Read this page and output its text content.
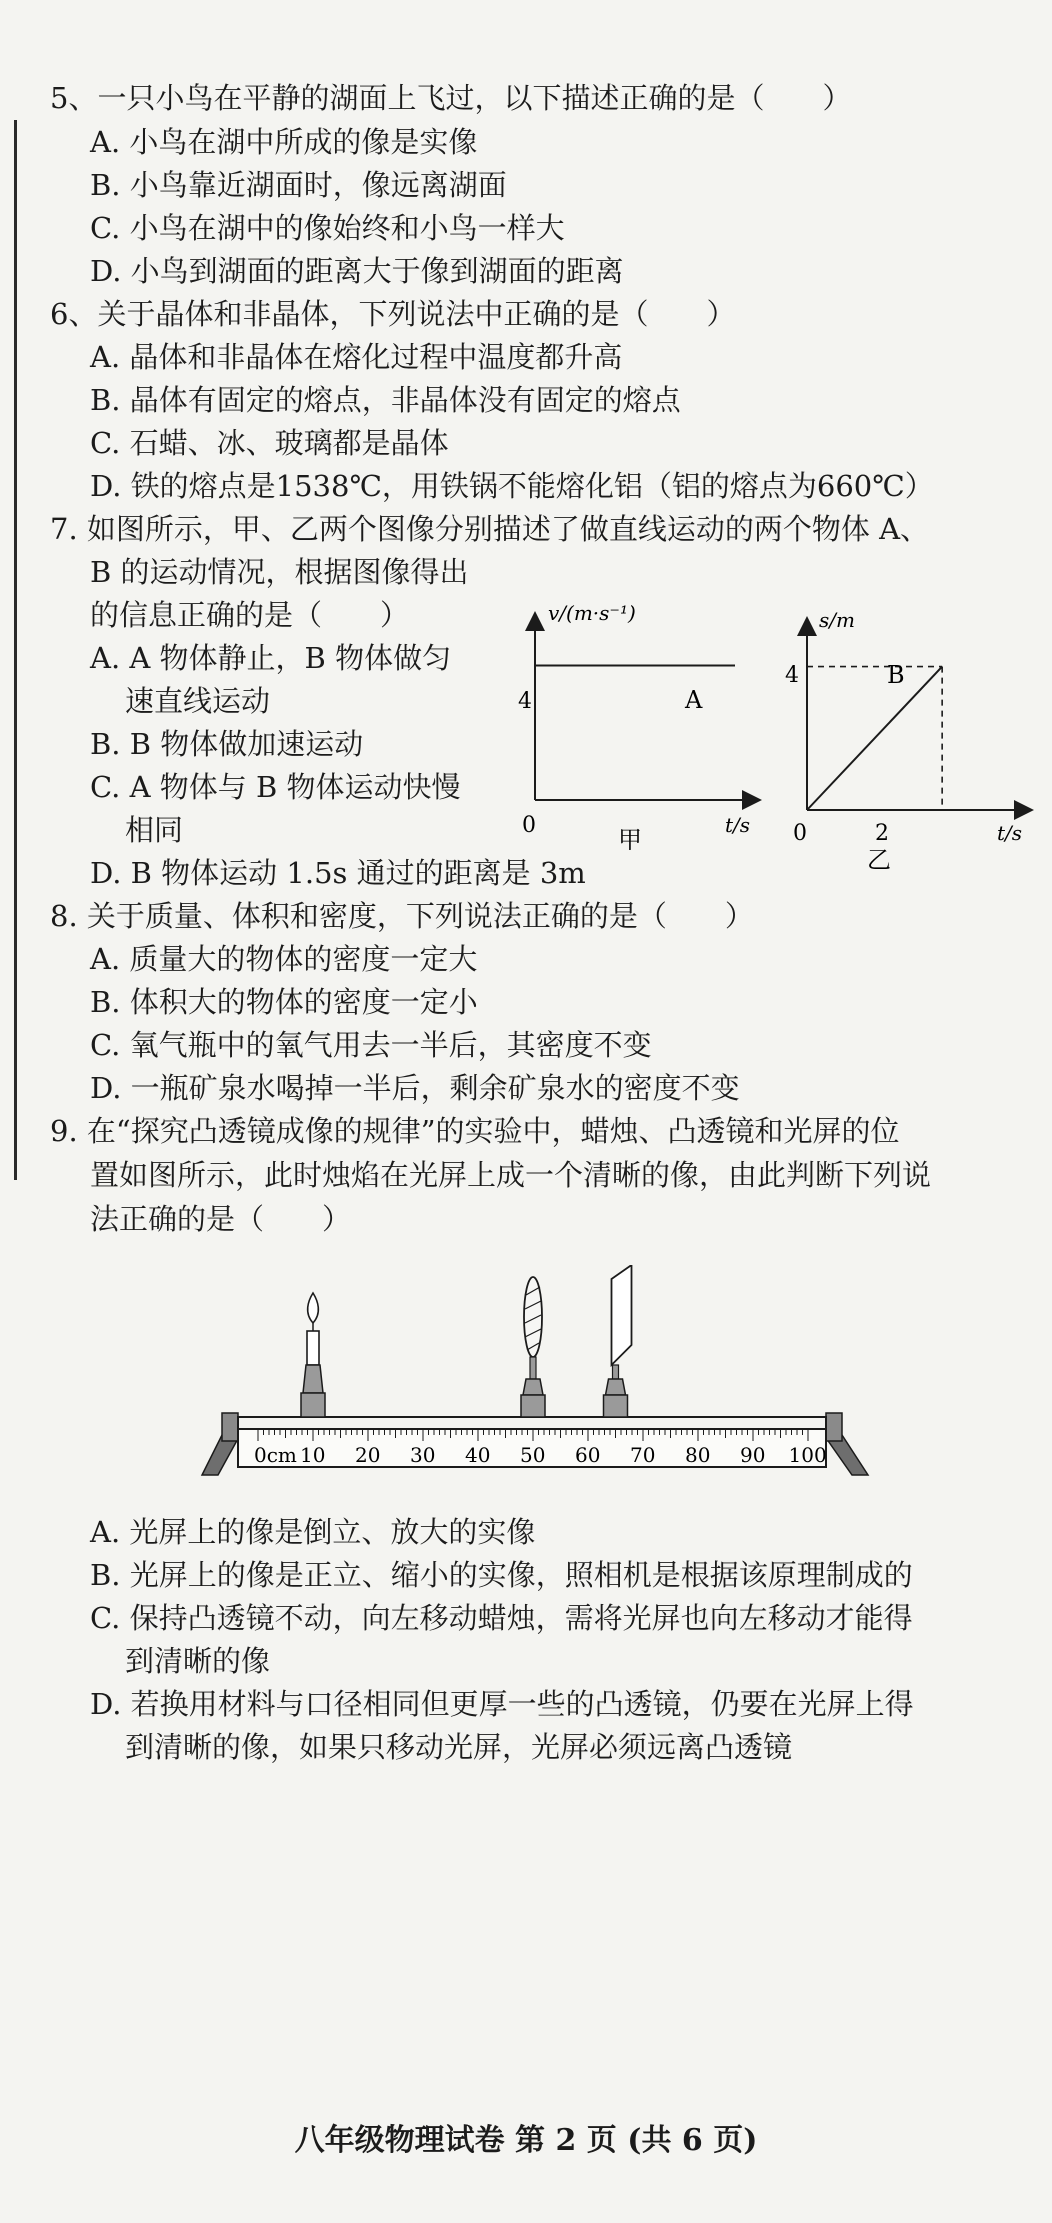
5、一只小鸟在平静的湖面上飞过，以下描述正确的是（　　）
A. 小鸟在湖中所成的像是实像
B. 小鸟靠近湖面时，像远离湖面
C. 小鸟在湖中的像始终和小鸟一样大
D. 小鸟到湖面的距离大于像到湖面的距离
6、关于晶体和非晶体，下列说法中正确的是（　　）
A. 晶体和非晶体在熔化过程中温度都升高
B. 晶体有固定的熔点，非晶体没有固定的熔点
C. 石蜡、冰、玻璃都是晶体
D. 铁的熔点是1538℃，用铁锅不能熔化铝（铝的熔点为660℃）
7. 如图所示，甲、乙两个图像分别描述了做直线运动的两个物体 A、
B 的运动情况，根据图像得出
的信息正确的是（　　）
A. A 物体静止，B 物体做匀
速直线运动
B. B 物体做加速运动
C. A 物体与 B 物体运动快慢
相同
D. B 物体运动 1.5s 通过的距离是 3m
v/(m·s⁻¹)
4	A
0	t/s
甲
s/m
4	B
0	2	t/s
乙
8. 关于质量、体积和密度，下列说法正确的是（　　）
A. 质量大的物体的密度一定大
B. 体积大的物体的密度一定小
C. 氧气瓶中的氧气用去一半后，其密度不变
D. 一瓶矿泉水喝掉一半后，剩余矿泉水的密度不变
9. 在“探究凸透镜成像的规律”的实验中，蜡烛、凸透镜和光屏的位
置如图所示，此时烛焰在光屏上成一个清晰的像，由此判断下列说
法正确的是（　　）
0cm 10 20 30 40 50 60 70 80 90 100
A. 光屏上的像是倒立、放大的实像
B. 光屏上的像是正立、缩小的实像，照相机是根据该原理制成的
C. 保持凸透镜不动，向左移动蜡烛，需将光屏也向左移动才能得
到清晰的像
D. 若换用材料与口径相同但更厚一些的凸透镜，仍要在光屏上得
到清晰的像，如果只移动光屏，光屏必须远离凸透镜
八年级物理试卷 第 2 页 (共 6 页)
